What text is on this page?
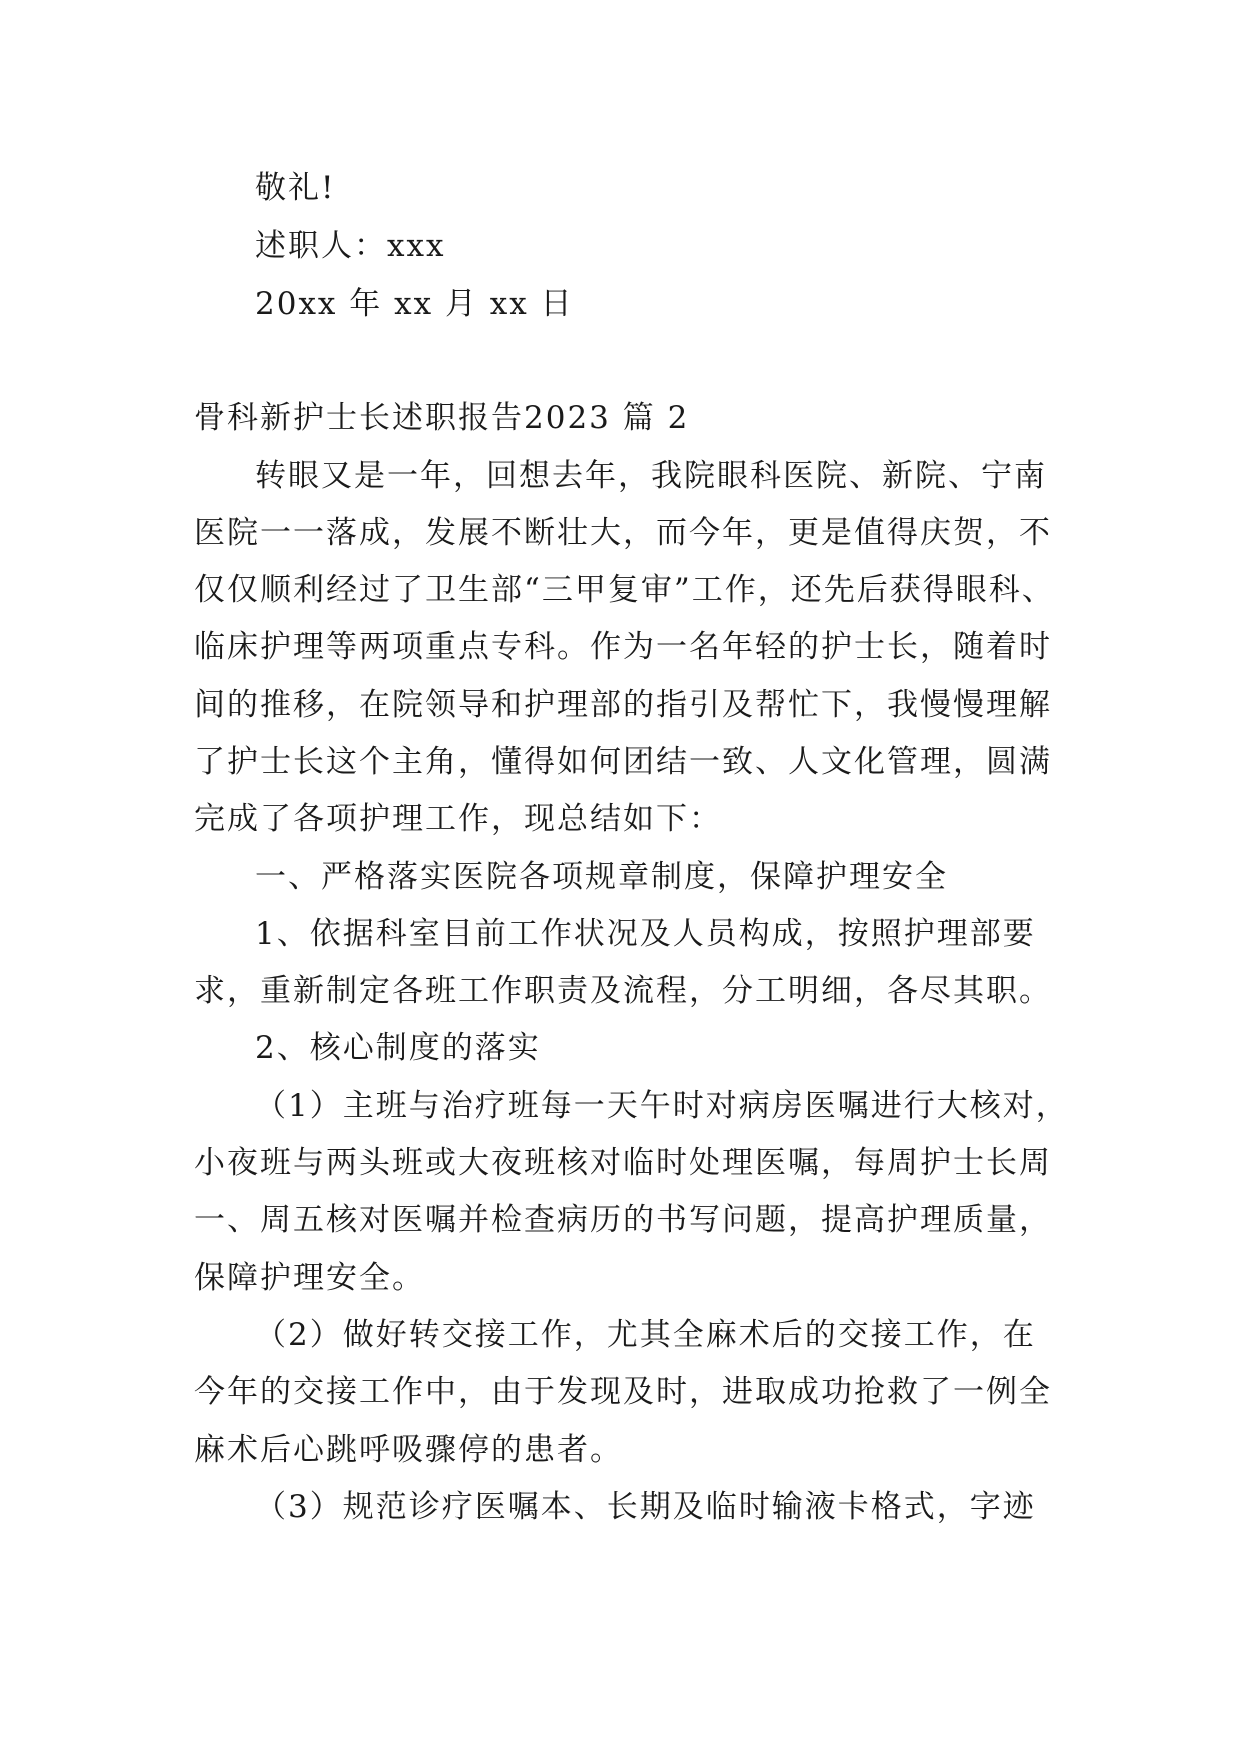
敬礼!
述职人：xxx
20xx 年 xx 月 xx 日
骨科新护士长述职报告2023 篇 2
转眼又是一年，回想去年，我院眼科医院、新院、宁南
医院一一落成，发展不断壮大，而今年，更是值得庆贺，不
仅仅顺利经过了卫生部“三甲复审”工作，还先后获得眼科、
临床护理等两项重点专科。作为一名年轻的护士长，随着时
间的推移，在院领导和护理部的指引及帮忙下，我慢慢理解
了护士长这个主角，懂得如何团结一致、人文化管理，圆满
完成了各项护理工作，现总结如下：
一、严格落实医院各项规章制度，保障护理安全
1、依据科室目前工作状况及人员构成，按照护理部要
求，重新制定各班工作职责及流程，分工明细，各尽其职。
2、核心制度的落实
（1）主班与治疗班每一天午时对病房医嘱进行大核对，
小夜班与两头班或大夜班核对临时处理医嘱，每周护士长周
一、周五核对医嘱并检查病历的书写问题，提高护理质量，
保障护理安全。
（2）做好转交接工作，尤其全麻术后的交接工作，在
今年的交接工作中，由于发现及时，进取成功抢救了一例全
麻术后心跳呼吸骤停的患者。
（3）规范诊疗医嘱本、长期及临时输液卡格式，字迹
